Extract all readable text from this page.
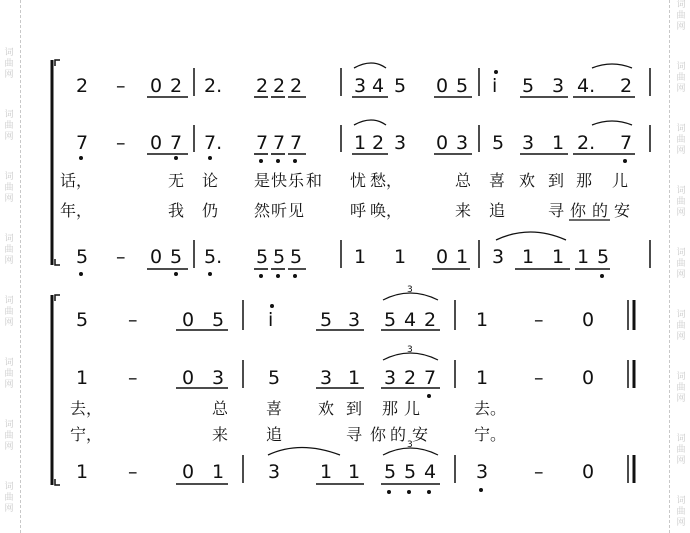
词曲网
词曲网
词曲网
词曲网
词曲网
词曲网
词曲网
词曲网
词曲网
词曲网
词曲网
词曲网
词曲网
词曲网
词曲网
词曲网
词曲网
3
3
3
2 – 0 2 2. 2 2 2	3 4 5 0 5 i 5 3 4. 2
7 – 0 7 7. 7 7 7	1 2 3 0 3 5 3 1 2. 7
话，	无 论 是 快 乐 和 忧 愁，	总 喜 欢 到 那 儿
年，	我 仍 然 听 见	呼 唤，	来 追	寻 你 的 安
5 – 0 5 5. 5 5 5	1 1 0 1 3 1 1 1 5
5 – 0 5 i 5 3 5 4 2 1 – 0
1 – 0 3 5 3 1 3 2 7 1 – 0
去，	总 喜 欢 到 那 儿	去。
宁，	来 追	寻 你 的 安	宁。
1 – 0 1 3 1 1 5 5 4 3 – 0
